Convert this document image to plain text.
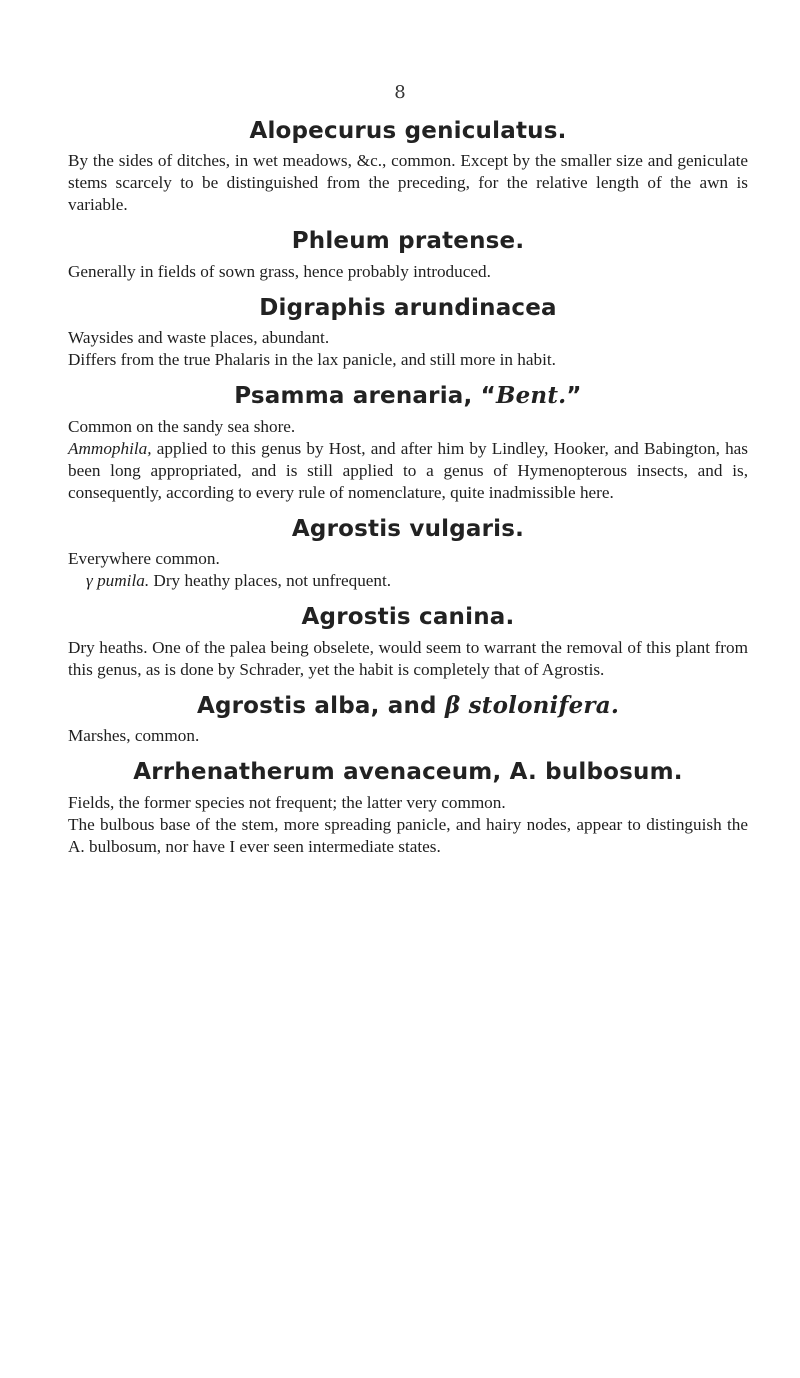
8
Alopecurus geniculatus.

By the sides of ditches, in wet meadows, &c., common. Except by the smaller size and geniculate stems scarcely to be distinguished from the preceding, for the relative length of the awn is variable.

Phleum pratense.

Generally in fields of sown grass, hence probably introduced.

Digraphis arundinacea

Waysides and waste places, abundant.

Differs from the true Phalaris in the lax panicle, and still more in habit.

Psamma arenaria, “Bent.”

Common on the sandy sea shore.

Ammophila, applied to this genus by Host, and after him by Lindley, Hooker, and Babington, has been long appropriated, and is still applied to a genus of Hymenopterous insects, and is, consequently, according to every rule of nomenclature, quite inadmissible here.

Agrostis vulgaris.

Everywhere common.

γ pumila. Dry heathy places, not unfrequent.

Agrostis canina.

Dry heaths. One of the palea being obselete, would seem to warrant the removal of this plant from this genus, as is done by Schrader, yet the habit is completely that of Agrostis.

Agrostis alba, and β stolonifera.

Marshes, common.

Arrhenatherum avenaceum, A. bulbosum.

Fields, the former species not frequent; the latter very common.

The bulbous base of the stem, more spreading panicle, and hairy nodes, appear to distinguish the A. bulbosum, nor have I ever seen intermediate states.
